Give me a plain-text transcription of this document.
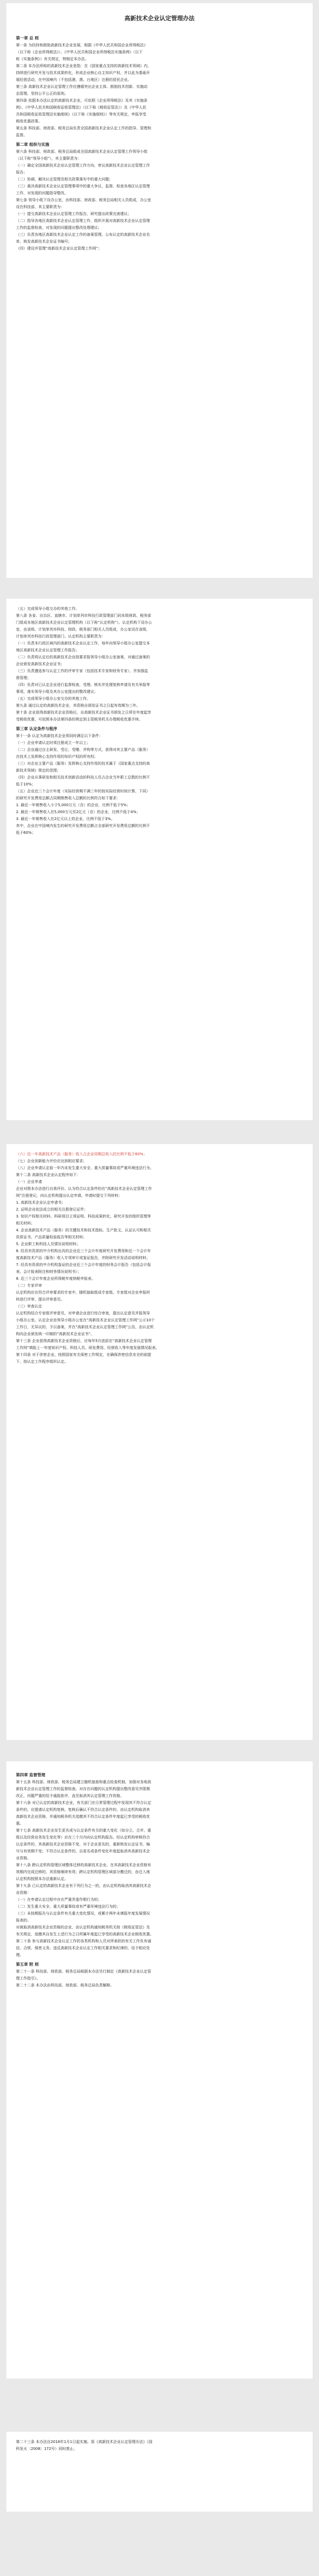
高新技术企业认定管理办法
第一章 总 则
第一条 为扶持和鼓励高新技术企业发展，根据《中华人民共和国企业所得税法》
（以下称《企业所得税法》）、《中华人民共和国企业所得税法实施条例》（以下
称《实施条例》）有关规定，特制定本办法。
第二条 本办法所称的高新技术企业是指：在《国家重点支持的高新技术领域》内，
持续进行研究开发与技术成果转化，形成企业核心自主知识产权，并以此为基础开
展经营活动，在中国境内（不包括港、澳、台地区）注册的居民企业。
第三条 高新技术企业认定管理工作应遵循突出企业主体、鼓励技术创新、实施动
态管理、坚持公平公正的原则。
第四条 依据本办法认定的高新技术企业，可依照《企业所得税法》及其《实施条
例》、《中华人民共和国税收征收管理法》（以下称《税收征管法》）及《中华人民
共和国税收征收管理法实施细则》（以下称《实施细则》）等有关规定，申报享受
税收优惠政策。
第五条 科技部、财政部、税务总局负责全国高新技术企业认定工作的指导、管理和
监督。
第二章 组织与实施
第六条 科技部、财政部、税务总局组成全国高新技术企业认定管理工作领导小组
（以下称“领导小组”），其主要职责为：
（一）确定全国高新技术企业认定管理工作方向，审议高新技术企业认定管理工作
报告；
（二）协调、解决认定管理及相关政策落实中的重大问题；
（三）裁决高新技术企业认定管理事项中的重大争议，监督、检查各地区认定管理
工作，对发现的问题指导整改。
第七条 领导小组下设办公室，由科技部、财政部、税务总局相关人员组成，办公室
设在科技部，其主要职责为：
（一）提交高新技术企业认定管理工作报告，研究提出政策完善建议；
（二）指导各地区高新技术企业认定管理工作，组织开展对高新技术企业认定管理
工作的监督检查，对发现的问题提出整改处理建议；
（三）负责各地区高新技术企业认定工作的备案管理，公布认定的高新技术企业名
单，核发高新技术企业证书编号；
（四）建设并管理“高新技术企业认定管理工作网”；
（五）完成领导小组交办的其他工作。
第八条 各省、自治区、直辖市、计划单列市科技行政管理部门同本级财政、税务部
门组成本地区高新技术企业认定管理机构（以下称“认定机构”）。认定机构下设办公
室，由省级、计划单列市科技、财政、税务部门相关人员组成，办公室设在省级、
计划单列市科技行政管理部门。认定机构主要职责为：
（一）负责本行政区域内的高新技术企业认定工作，每年向领导小组办公室提交本
地区高新技术企业认定管理工作报告；
（二）负责将认定后的高新技术企业按要求报领导小组办公室备案，对通过备案的
企业颁发高新技术企业证书；
（三）负责遴选参与认定工作的评审专家（包括技术专家和财务专家），并加强监
督管理；
（四）负责对已认定企业进行监督检查，受理、核实并处理复核申请及有关举报等
事项，落实领导小组及其办公室提出的整改建议；
（五）完成领导小组办公室交办的其他工作。
第九条 通过认定的高新技术企业，其资格自颁发证书之日起有效期为三年。
第十条 企业获得高新技术企业资格后，自高新技术企业证书颁发之日所在年度起享
受税收优惠，可依照本办法第四条的规定到主管税务机关办理税收优惠手续。
第三章 认定条件与程序
第十一条 认定为高新技术企业须同时满足以下条件：
（一）企业申请认定时须注册成立一年以上；
（二）企业通过自主研发、受让、受赠、并购等方式，获得对其主要产品（服务）
在技术上发挥核心支持作用的知识产权的所有权；
（三）对企业主要产品（服务）发挥核心支持作用的技术属于《国家重点支持的高
新技术领域》规定的范围；
（四）企业从事研发和相关技术创新活动的科技人员占企业当年职工总数的比例不
低于10%；
（五）企业近三个会计年度（实际经营期不满三年的按实际经营时间计算，下同）
的研究开发费用总额占同期销售收入总额的比例符合如下要求：
1. 最近一年销售收入小于5,000万元（含）的企业，比例不低于5%；
2. 最近一年销售收入在5,000万元至2亿元（含）的企业，比例不低于4%；
3. 最近一年销售收入在2亿元以上的企业，比例不低于3%。
其中，企业在中国境内发生的研究开发费用总额占全部研究开发费用总额的比例不
低于60%；
（六）近一年高新技术产品（服务）收入占企业同期总收入的比例不低于60%；
（七）企业创新能力评价应达到相应要求；
（八）企业申请认定前一年内未发生重大安全、重大质量事故或严重环境违法行为。
第十二条 高新技术企业认定程序如下：
（一）企业申请
企业对照本办法进行自我评价。认为符合认定条件的在“高新技术企业认定管理工作
网”注册登记，向认定机构提出认定申请。申请时提交下列材料：
1. 高新技术企业认定申请书；
2. 证明企业依法成立的相关注册登记证件；
3. 知识产权相关材料、科研项目立项证明、科技成果转化、研究开发的组织管理等
相关材料；
4. 企业高新技术产品（服务）的关键技术和技术指标、生产批文、认证认可和相关
资质证书、产品质量检验报告等相关材料；
5. 企业职工和科技人员情况说明材料；
6. 经具有资质的中介机构出具的企业近三个会计年度研究开发费用和近一个会计年
度高新技术产品（服务）收入专项审计或鉴证报告，并附研究开发活动说明材料；
7. 经具有资质的中介机构鉴证的企业近三个会计年度的财务会计报告（包括会计报
表、会计报表附注和财务情况说明书）；
8. 近三个会计年度企业所得税年度纳税申报表。
（二）专家评审
认定机构应在符合评审要求的专家中，随机抽取组成专家组。专家组对企业申报材
料进行评审，提出评审意见。
（三）审查认定
认定机构结合专家组评审意见，对申请企业进行综合审查，提出认定意见并报领导
小组办公室。认定企业由领导小组办公室在“高新技术企业认定管理工作网”公示10个
工作日，无异议的，予以备案，并在“高新技术企业认定管理工作网”公告，由认定机
构向企业颁发统一印制的“高新技术企业证书”。
第十三条 企业获得高新技术企业资格后，应每年5月底前在“高新技术企业认定管理
工作网”填报上一年度知识产权、科技人员、研发费用、经营收入等年度发展情况报表。
第十四条 对于涉密企业，按照国家有关保密工作规定，在确保涉密信息安全的前提
下，按认定工作程序组织认定。
第四章 监督管理
第十五条 科技部、财政部、税务总局建立随机抽查和重点检查机制，加强对各地高
新技术企业认定管理工作的监督检查。对存在问题的认定机构提出整改意见并限期
改正，问题严重的给予通报批评，直至取消其认定管理工作资格。
第十六条 对已认定的高新技术企业，有关部门在日常管理过程中发现其不符合认定
条件的，应提请认定机构复核。复核后确认不符合认定条件的，由认定机构取消其
高新技术企业资格，并通知税务机关追缴其不符合认定条件年度起已享受的税收优
惠。
第十七条 高新技术企业发生更名或与认定条件有关的重大变化（如分立、合并、重
组以及经营业务发生变化等）应在三个月内向认定机构报告。经认定机构审核符合
认定条件的，其高新技术企业资格不变，对于企业更名的，重新核发认定证书，编
号与有效期不变；不符合认定条件的，自更名或条件变化年度起取消其高新技术企
业资格。
第十八条 跨认定机构管理区域整体迁移的高新技术企业，在其高新技术企业资格有
效期内完成迁移的，其资格继续有效；跨认定机构管理区域部分搬迁的，由迁入地
认定机构按照本办法重新认定。
第十九条 已认定的高新技术企业有下列行为之一的，由认定机构取消其高新技术企
业资格：
（一）在申请认定过程中存在严重弄虚作假行为的；
（二）发生重大安全、重大质量事故或有严重环境违法行为的；
（三）未按期报告与认定条件有关重大变化情况，或累计两年未填报年度发展情况
报表的。
对被取消高新技术企业资格的企业，由认定机构通知税务机关按《税收征管法》及
有关规定，追缴其自发生上述行为之日所属年度起已享受的高新技术企业税收优惠。
第二十条 参与高新技术企业认定工作的各类机构和人员对所承担的有关工作负有诚
信、合规、保密义务。违反高新技术企业认定工作相关要求和纪律的，给予相应处
理。
第五章 附 则
第二十一条 科技部、财政部、税务总局根据本办法另行制定《高新技术企业认定管
理工作指引》。
第二十二条 本办法由科技部、财政部、税务总局负责解释。
第二十三条 本办法自2016年1月1日起实施。原《高新技术企业认定管理办法》（国
科发火〔2008〕172号）同时废止。
